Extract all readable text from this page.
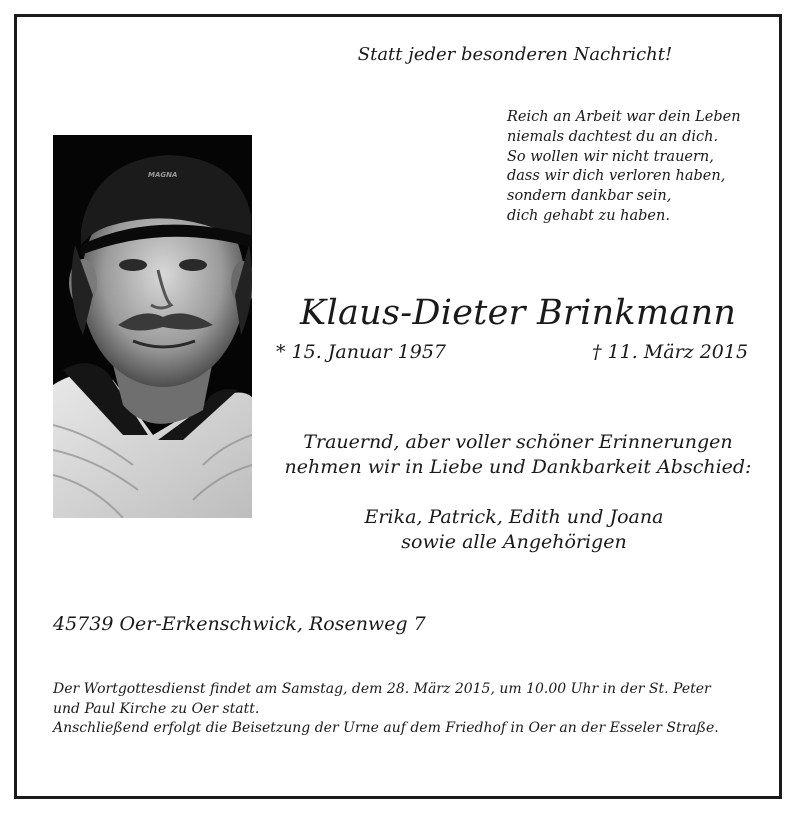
Statt jeder besonderen Nachricht!
Reich an Arbeit war dein Leben
niemals dachtest du an dich.
So wollen wir nicht trauern,
dass wir dich verloren haben,
sondern dankbar sein,
dich gehabt zu haben.
MAGNA
Klaus-Dieter Brinkmann
* 15. Januar 1957	† 11. März 2015
Trauernd, aber voller schöner Erinnerungen
nehmen wir in Liebe und Dankbarkeit Abschied:
Erika, Patrick, Edith und Joana
sowie alle Angehörigen
45739 Oer-Erkenschwick, Rosenweg 7
Der Wortgottesdienst findet am Samstag, dem 28. März 2015, um 10.00 Uhr in der St. Peter
und Paul Kirche zu Oer statt.
Anschließend erfolgt die Beisetzung der Urne auf dem Friedhof in Oer an der Esseler Straße.
